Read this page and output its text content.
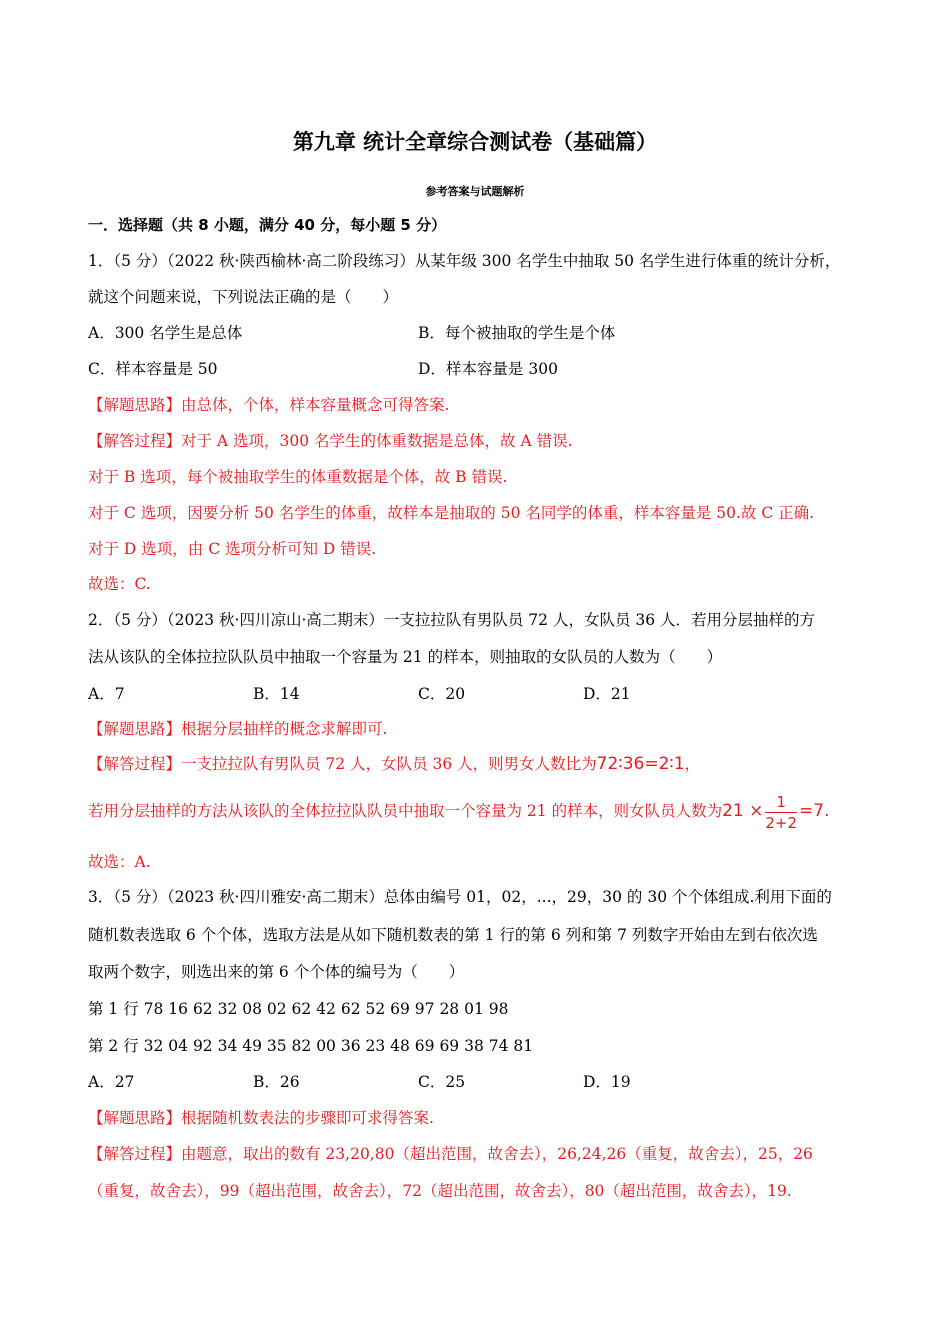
第九章 统计全章综合测试卷（基础篇）
参考答案与试题解析
一．选择题（共 8 小题，满分 40 分，每小题 5 分）
1．（5 分）（2022 秋·陕西榆林·高二阶段练习）从某年级 300 名学生中抽取 50 名学生进行体重的统计分析，
就这个问题来说，下列说法正确的是（　　）
A．300 名学生是总体	B．每个被抽取的学生是个体
C．样本容量是 50	D．样本容量是 300
【解题思路】由总体，个体，样本容量概念可得答案.
【解答过程】对于 A 选项，300 名学生的体重数据是总体，故 A 错误.
对于 B 选项，每个被抽取学生的体重数据是个体，故 B 错误.
对于 C 选项，因要分析 50 名学生的体重，故样本是抽取的 50 名同学的体重，样本容量是 50.故 C 正确.
对于 D 选项，由 C 选项分析可知 D 错误.
故选：C.
2．（5 分）（2023 秋·四川凉山·高二期末）一支拉拉队有男队员 72 人，女队员 36 人．若用分层抽样的方
法从该队的全体拉拉队队员中抽取一个容量为 21 的样本，则抽取的女队员的人数为（　　）
A．7	B．14	C．20	D．21
【解题思路】根据分层抽样的概念求解即可.
【解答过程】一支拉拉队有男队员 72 人，女队员 36 人，则男女人数比为72∶36=2∶1，
若用分层抽样的方法从该队的全体拉拉队队员中抽取一个容量为 21 的样本，则女队员人数为$21 \times \frac{1}{2+2} =7$.
故选：A.
3．（5 分）（2023 秋·四川雅安·高二期末）总体由编号 01，02，...，29，30 的 30 个个体组成.利用下面的
随机数表选取 6 个个体，选取方法是从如下随机数表的第 1 行的第 6 列和第 7 列数字开始由左到右依次选
取两个数字，则选出来的第 6 个个体的编号为（　　）
第 1 行 78 16 62 32 08 02 62 42 62 52 69 97 28 01 98
第 2 行 32 04 92 34 49 35 82 00 36 23 48 69 69 38 74 81
A．27	B．26	C．25	D．19
【解题思路】根据随机数表法的步骤即可求得答案.
【解答过程】由题意，取出的数有 23,20,80（超出范围，故舍去），26,24,26（重复，故舍去），25，26
（重复，故舍去），99（超出范围，故舍去），72（超出范围，故舍去），80（超出范围，故舍去），19.
